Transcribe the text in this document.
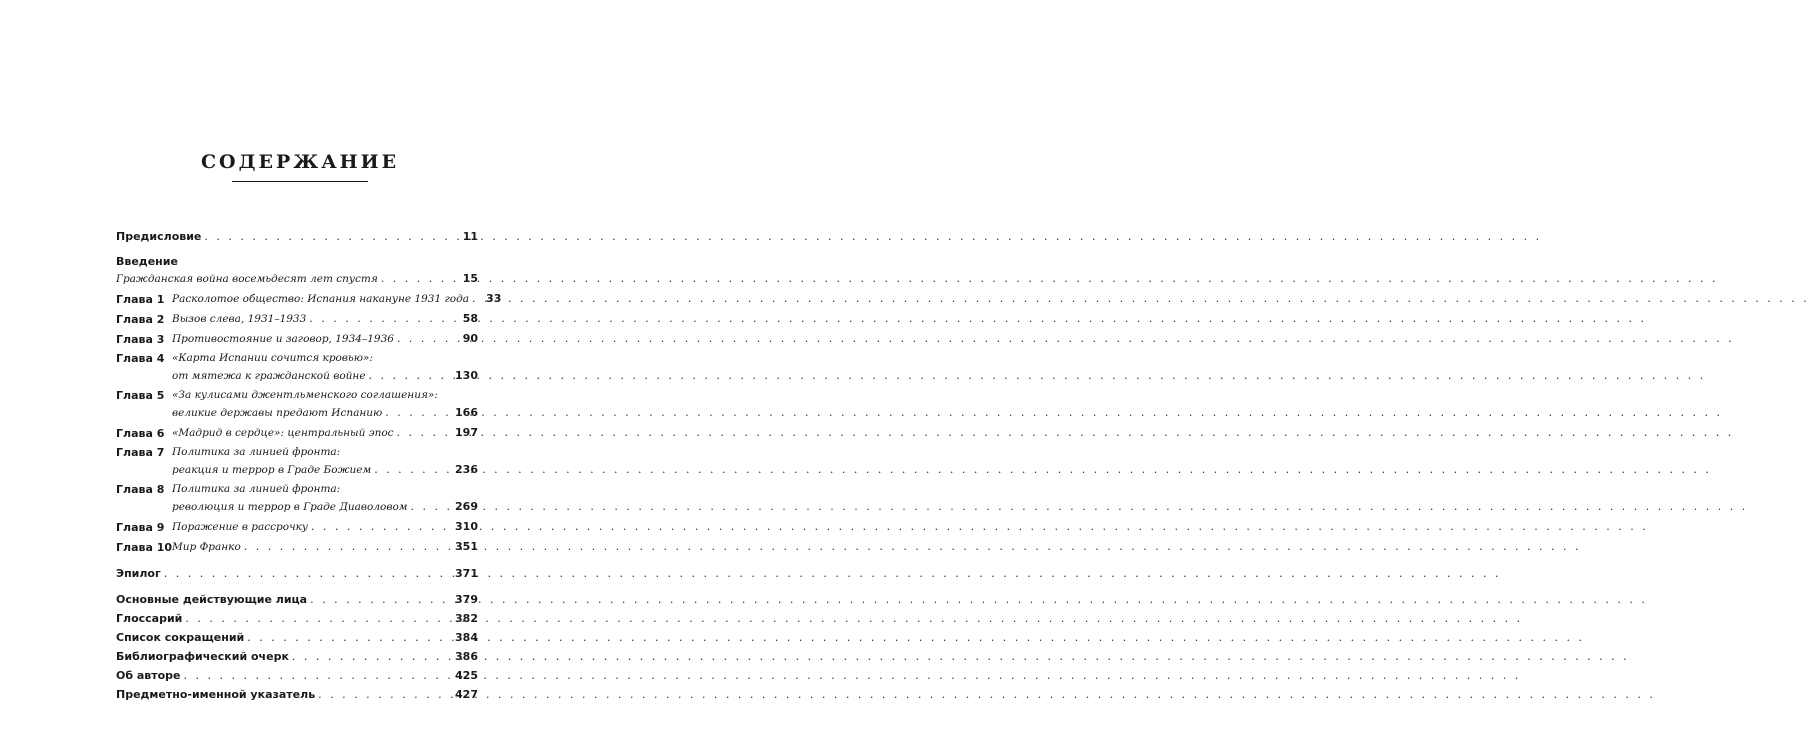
СОДЕРЖАНИЕ
Предисловие . . .	11
Введение
Гражданская война восемьдесят лет спустя . . .	15
Глава 1 Расколотое общество: Испания накануне 1931 года . . . 33
Глава 2 Вызов слева, 1931–1933 . . .	58
Глава 3 Противостояние и заговор, 1934–1936 . . .	90
Глава 4 «Карта Испании сочится кровью»:
от мятежа к гражданской войне . . .	130
Глава 5 «За кулисами джентльменского соглашения»:
великие державы предают Испанию . . .	166
Глава 6 «Мадрид в сердце»: центральный эпос . . .	197
Глава 7 Политика за линией фронта:
реакция и террор в Граде Божием . . .	236
Глава 8 Политика за линией фронта:
революция и террор в Граде Диаволовом . . .	269
Глава 9 Поражение в рассрочку . . .	310
Глава 10 Мир Франко . . .	351
Эпилог . . .	371
Основные действующие лица . . .	379
Глоссарий . . .	382
Список сокращений . . .	384
Библиографический очерк . . .	386
Об авторе . . .	425
Предметно-именной указатель . . .	427
